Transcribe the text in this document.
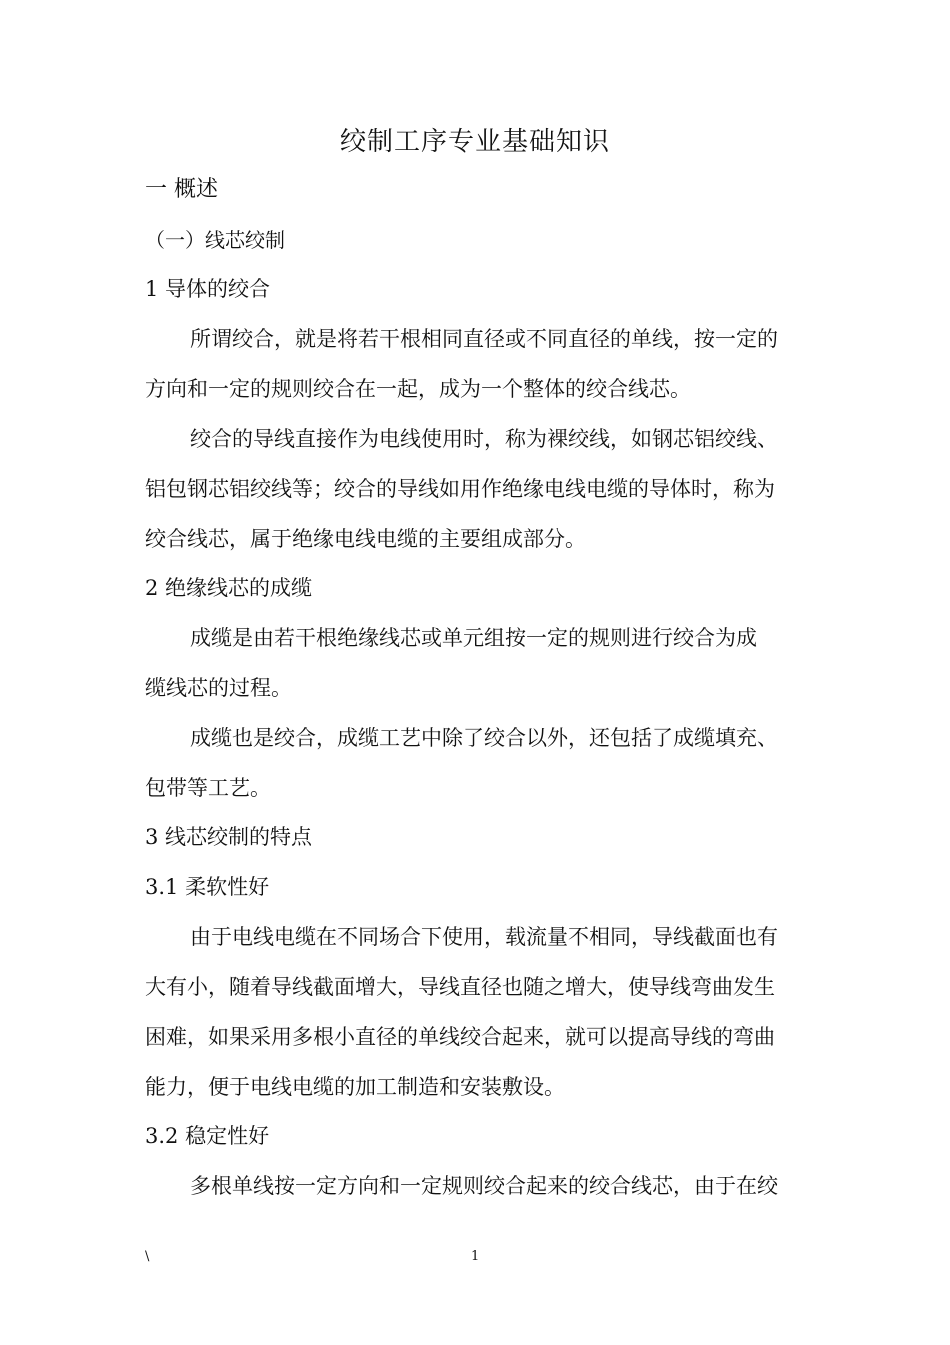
绞制工序专业基础知识
一 概述
（一）线芯绞制
1 导体的绞合
所谓绞合，就是将若干根相同直径或不同直径的单线，按一定的
方向和一定的规则绞合在一起，成为一个整体的绞合线芯。
绞合的导线直接作为电线使用时，称为裸绞线，如钢芯铝绞线、
铝包钢芯铝绞线等；绞合的导线如用作绝缘电线电缆的导体时，称为
绞合线芯，属于绝缘电线电缆的主要组成部分。
2 绝缘线芯的成缆
成缆是由若干根绝缘线芯或单元组按一定的规则进行绞合为成
缆线芯的过程。
成缆也是绞合，成缆工艺中除了绞合以外，还包括了成缆填充、
包带等工艺。
3 线芯绞制的特点
3.1 柔软性好
由于电线电缆在不同场合下使用，载流量不相同，导线截面也有
大有小，随着导线截面增大，导线直径也随之增大，使导线弯曲发生
困难，如果采用多根小直径的单线绞合起来，就可以提高导线的弯曲
能力，便于电线电缆的加工制造和安装敷设。
3.2 稳定性好
多根单线按一定方向和一定规则绞合起来的绞合线芯，由于在绞
\	1
